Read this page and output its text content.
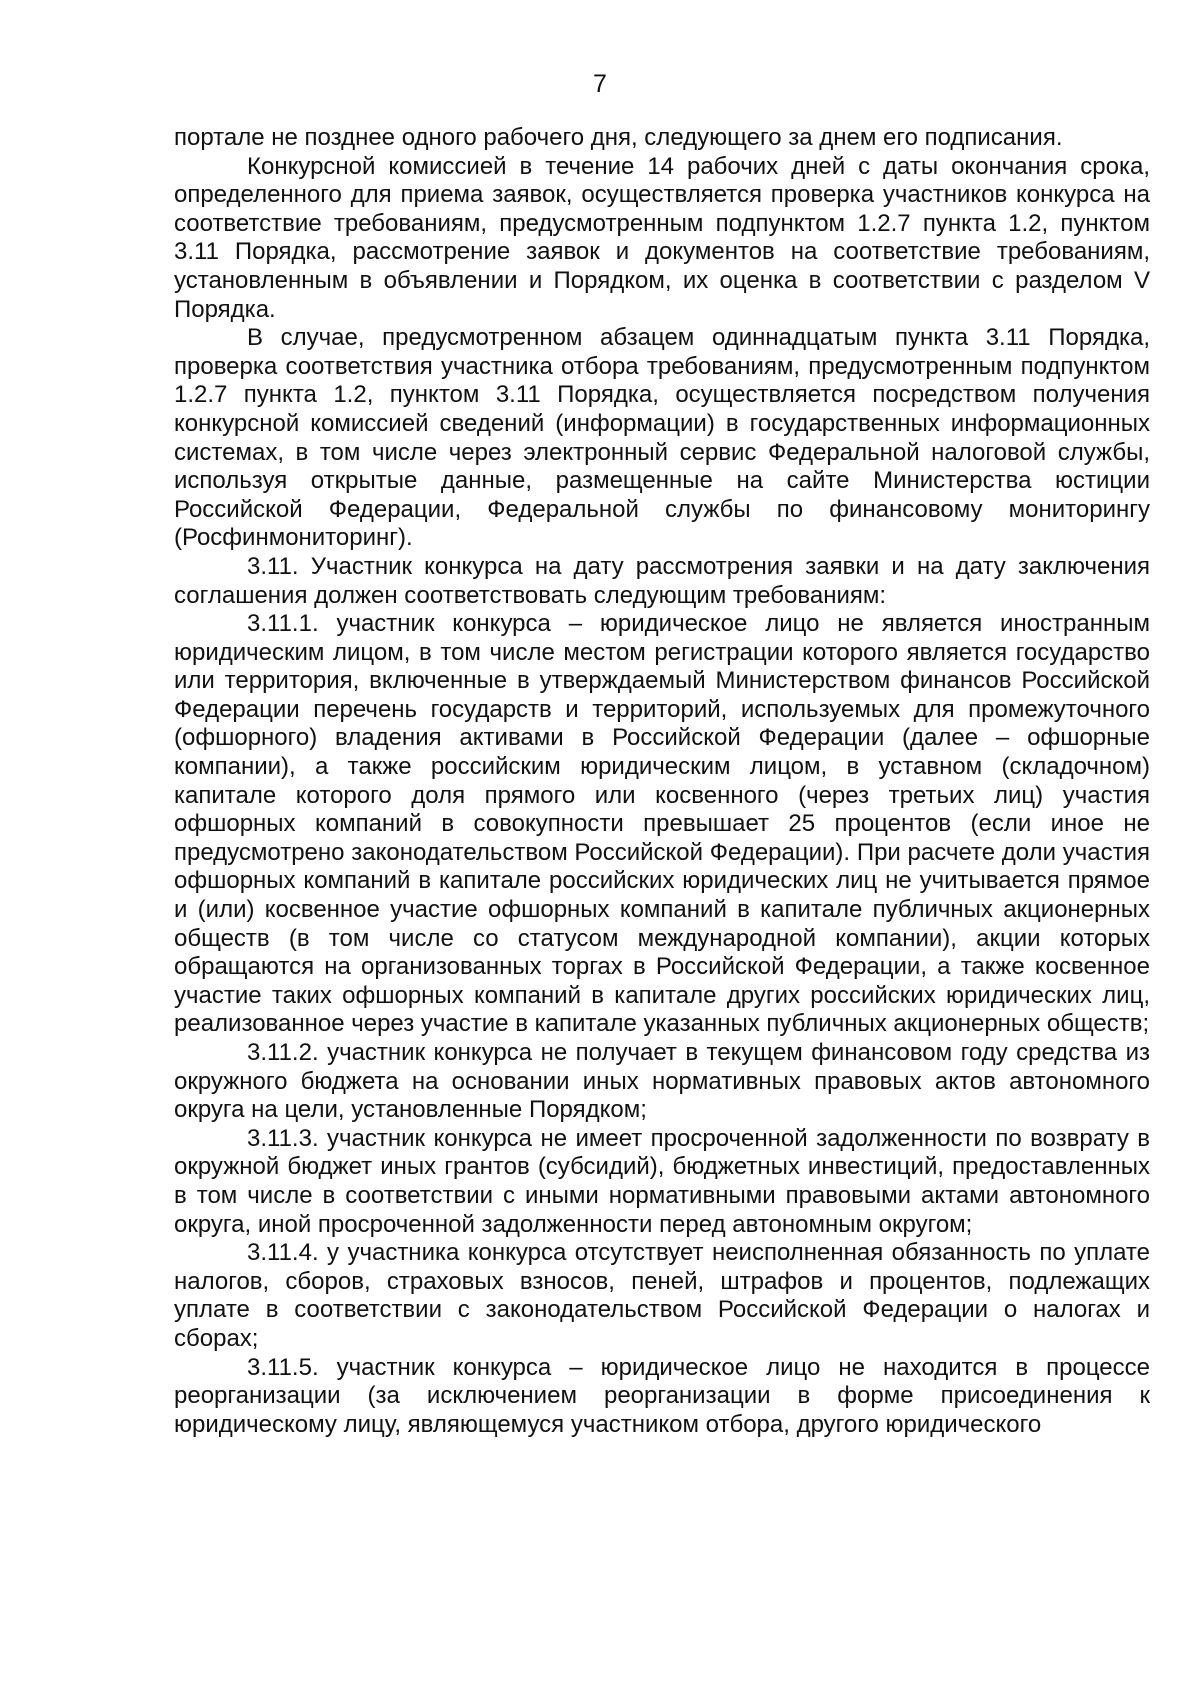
7

портале не позднее одного рабочего дня, следующего за днем его подписания.

Конкурсной комиссией в течение 14 рабочих дней с даты окончания срока, определенного для приема заявок, осуществляется проверка участников конкурса на соответствие требованиям, предусмотренным подпунктом 1.2.7 пункта 1.2, пунктом 3.11 Порядка, рассмотрение заявок и документов на соответствие требованиям, установленным в объявлении и Порядком, их оценка в соответствии с разделом V Порядка.

В случае, предусмотренном абзацем одиннадцатым пункта 3.11 Порядка, проверка соответствия участника отбора требованиям, предусмотренным подпунктом 1.2.7 пункта 1.2, пунктом 3.11 Порядка, осуществляется посредством получения конкурсной комиссией сведений (информации) в государственных информационных системах, в том числе через электронный сервис Федеральной налоговой службы, используя открытые данные, размещенные на сайте Министерства юстиции Российской Федерации, Федеральной службы по финансовому мониторингу (Росфинмониторинг).

3.11. Участник конкурса на дату рассмотрения заявки и на дату заключения соглашения должен соответствовать следующим требованиям:

3.11.1. участник конкурса – юридическое лицо не является иностранным юридическим лицом, в том числе местом регистрации которого является государство или территория, включенные в утверждаемый Министерством финансов Российской Федерации перечень государств и территорий, используемых для промежуточного (офшорного) владения активами в Российской Федерации (далее – офшорные компании), а также российским юридическим лицом, в уставном (складочном) капитале которого доля прямого или косвенного (через третьих лиц) участия офшорных компаний в совокупности превышает 25 процентов (если иное не предусмотрено законодательством Российской Федерации). При расчете доли участия офшорных компаний в капитале российских юридических лиц не учитывается прямое и (или) косвенное участие офшорных компаний в капитале публичных акционерных обществ (в том числе со статусом международной компании), акции которых обращаются на организованных торгах в Российской Федерации, а также косвенное участие таких офшорных компаний в капитале других российских юридических лиц, реализованное через участие в капитале указанных публичных акционерных обществ;

3.11.2. участник конкурса не получает в текущем финансовом году средства из окружного бюджета на основании иных нормативных правовых актов автономного округа на цели, установленные Порядком;

3.11.3. участник конкурса не имеет просроченной задолженности по возврату в окружной бюджет иных грантов (субсидий), бюджетных инвестиций, предоставленных в том числе в соответствии с иными нормативными правовыми актами автономного округа, иной просроченной задолженности перед автономным округом;

3.11.4. у участника конкурса отсутствует неисполненная обязанность по уплате налогов, сборов, страховых взносов, пеней, штрафов и процентов, подлежащих уплате в соответствии с законодательством Российской Федерации о налогах и сборах;

3.11.5. участник конкурса – юридическое лицо не находится в процессе реорганизации (за исключением реорганизации в форме присоединения к юридическому лицу, являющемуся участником отбора, другого юридического
